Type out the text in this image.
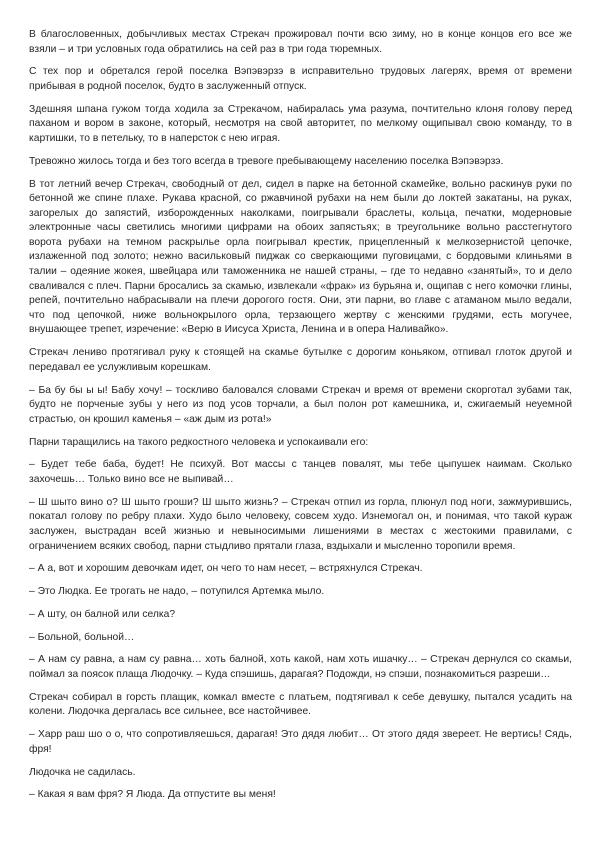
В благословенных, добычливых местах Стрекач прожировал почти всю зиму, но в конце концов его все же
взяли – и три условных года обратились на сей раз в три года тюремных.
С тех пор и обретался герой поселка Вэпэвэрзэ в исправительно трудовых лагерях, время от времени
прибывая в родной поселок, будто в заслуженный отпуск.
Здешняя шпана гужом тогда ходила за Стрекачом, набиралась ума разума, почтительно клоня голову перед
паханом и вором в законе, который, несмотря на свой авторитет, по мелкому ощипывал свою команду, то в
картишки, то в петельку, то в наперсток с нею играя.
Тревожно жилось тогда и без того всегда в тревоге пребывающему населению поселка Вэпэвэрзэ.
В тот летний вечер Стрекач, свободный от дел, сидел в парке на бетонной скамейке, вольно раскинув руки по
бетонной же спине плахе. Рукава красной, со ржавчиной рубахи на нем были до локтей закатаны, на руках,
загорелых до запястий, изборожденных наколками, поигрывали браслеты, кольца, печатки, модерновые
электронные часы светились многими цифрами на обоих запястьях; в треугольнике вольно расстегнутого
ворота рубахи на темном раскрылье орла поигрывал крестик, прицепленный к мелкозернистой цепочке,
излаженной под золото; нежно васильковый пиджак со сверкающими пуговицами, с бордовыми клиньями в
талии – одеяние жокея, швейцара или таможенника не нашей страны, – где то недавно «занятый», то и дело
сваливался с плеч. Парни бросались за скамью, извлекали «фрак» из бурьяна и, ощипав с него комочки глины,
репей, почтительно набрасывали на плечи дорогого гостя. Они, эти парни, во главе с атаманом мыло ведали,
что под цепочкой, ниже вольнокрылого орла, терзающего жертву с женскими грудями, есть могучее,
внушающее трепет, изречение: «Верю в Иисуса Христа, Ленина и в опера Наливайко».
Стрекач лениво протягивал руку к стоящей на скамье бутылке с дорогим коньяком, отпивал глоток другой и
передавал ее услужливым корешкам.
– Ба бу бы ы ы! Бабу хочу! – тоскливо баловался словами Стрекач и время от времени скорготал зубами так,
будто не порченые зубы у него из под усов торчали, а был полон рот камешника, и, сжигаемый неуемной
страстью, он крошил каменья – «аж дым из рота!»
Парни таращились на такого редкостного человека и успокаивали его:
– Будет тебе баба, будет! Не психуй. Вот массы с танцев повалят, мы тебе цыпушек наимам. Сколько
захочешь… Только вино все не выпивай…
– Ш шыто вино о? Ш шыто гроши? Ш шыто жизнь? – Стрекач отпил из горла, плюнул под ноги, зажмурившись,
покатал голову по ребру плахи. Худо было человеку, совсем худо. Изнемогал он, и понимая, что такой кураж
заслужен, выстрадан всей жизнью и невыносимыми лишениями в местах с жестокими правилами, с
ограничением всяких свобод, парни стыдливо прятали глаза, вздыхали и мысленно торопили время.
– А а, вот и хорошим девочкам идет, он чего то нам несет, – встряхнулся Стрекач.
– Это Людка. Ее трогать не надо, – потупился Артемка мыло.
– А шту, он балной или селка?
– Больной, больной…
– А нам су равна, а нам су равна… хоть балной, хоть какой, нам хоть ишачку… – Стрекач дернулся со скамьи,
поймал за поясок плаща Людочку. – Куда спэшишь, дарагая? Подожди, нэ спэши, познакомиться разреши…
Стрекач собирал в горсть плащик, комкал вместе с платьем, подтягивал к себе девушку, пытался усадить на
колени. Людочка дергалась все сильнее, все настойчивее.
– Харр раш шо о о, что сопротивляешься, дарагая! Это дядя любит… От этого дядя звереет. Не вертись! Сядь,
фря!
Людочка не садилась.
– Какая я вам фря? Я Люда. Да отпустите вы меня!
